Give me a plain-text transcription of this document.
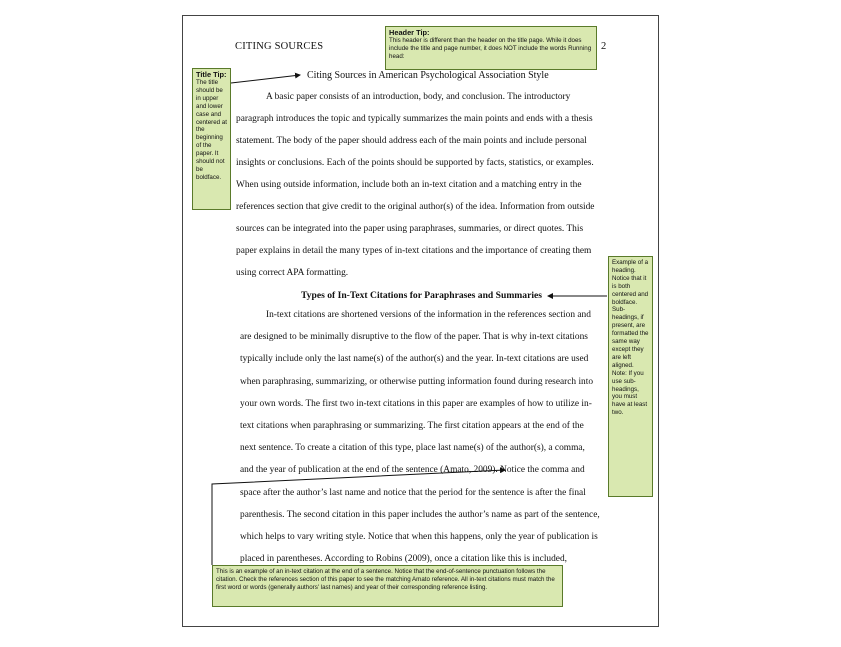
CITING SOURCES	2
Header Tip:
This header is different than the header on the title page. While it does include the title and page number, it does NOT include the words Running head:
Title Tip:
The title should be in upper and lower case and centered at the beginning of the paper. It should not be boldface.
Example of a heading. Notice that it is both centered and boldface. Sub-headings, if present, are formatted the same way except they are left aligned. Note: If you use sub-headings, you must have at least two.
This is an example of an in-text citation at the end of a sentence. Notice that the end-of-sentence punctuation follows the citation. Check the references section of this paper to see the matching Amato reference. All in-text citations must match the first word or words (generally authors' last names) and year of their corresponding reference listing.
Citing Sources in American Psychological Association Style
A basic paper consists of an introduction, body, and conclusion. The introductory
paragraph introduces the topic and typically summarizes the main points and ends with a thesis
statement. The body of the paper should address each of the main points and include personal
insights or conclusions. Each of the points should be supported by facts, statistics, or examples.
When using outside information, include both an in-text citation and a matching entry in the
references section that give credit to the original author(s) of the idea. Information from outside
sources can be integrated into the paper using paraphrases, summaries, or direct quotes. This
paper explains in detail the many types of in-text citations and the importance of creating them
using correct APA formatting.
Types of In-Text Citations for Paraphrases and Summaries
In-text citations are shortened versions of the information in the references section and
are designed to be minimally disruptive to the flow of the paper. That is why in-text citations
typically include only the last name(s) of the author(s) and the year. In-text citations are used
when paraphrasing, summarizing, or otherwise putting information found during research into
your own words. The first two in-text citations in this paper are examples of how to utilize in-
text citations when paraphrasing or summarizing. The first citation appears at the end of the
next sentence. To create a citation of this type, place last name(s) of the author(s), a comma,
and the year of publication at the end of the sentence (Amato, 2009). Notice the comma and
space after the author’s last name and notice that the period for the sentence is after the final
parenthesis. The second citation in this paper includes the author’s name as part of the sentence,
which helps to vary writing style. Notice that when this happens, only the year of publication is
placed in parentheses. According to Robins (2009), once a citation like this is included,
